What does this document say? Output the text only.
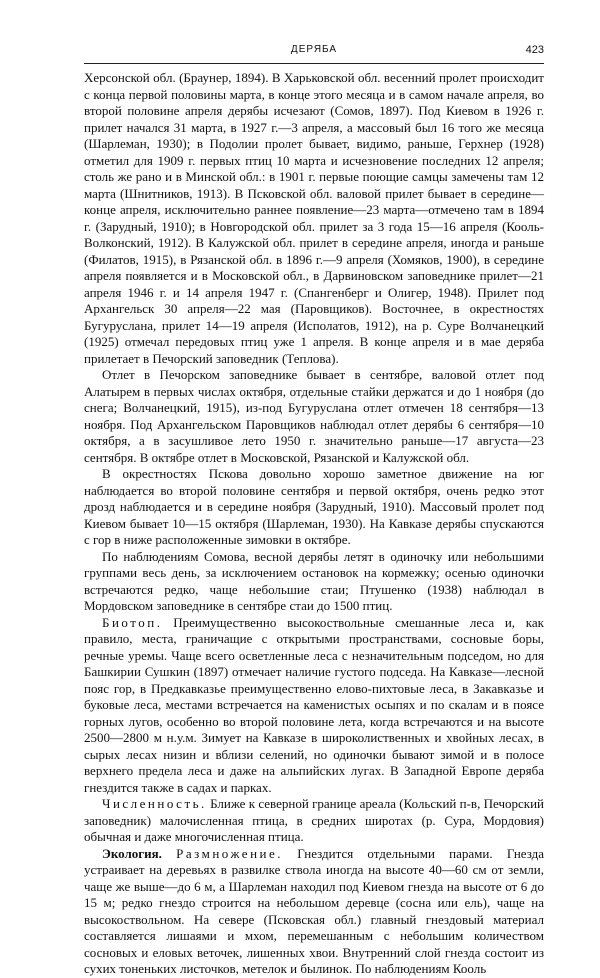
ДЕРЯБА	423

Херсонской обл. (Браунер, 1894). В Харьковской обл. весенний пролет происходит с конца первой половины марта, в конце этого месяца и в самом начале апреля, во второй половине апреля дерябы исчезают (Сомов, 1897). Под Киевом в 1926 г. прилет начался 31 марта, в 1927 г.—3 апреля, а массовый был 16 того же месяца (Шарлеман, 1930); в Подолии пролет бывает, видимо, раньше, Герхнер (1928) отметил для 1909 г. первых птиц 10 марта и исчезновение последних 12 апреля; столь же рано и в Минской обл.: в 1901 г. первые поющие самцы замечены там 12 марта (Шнитников, 1913). В Псковской обл. валовой прилет бывает в середине—конце апреля, исключительно раннее появление—23 марта—отмечено там в 1894 г. (Зарудный, 1910); в Новгородской обл. прилет за 3 года 15—16 апреля (Кооль-Волконский, 1912). В Калужской обл. прилет в середине апреля, иногда и раньше (Филатов, 1915), в Рязанской обл. в 1896 г.—9 апреля (Хомяков, 1900), в середине апреля появляется и в Московской обл., в Дарвиновском заповеднике прилет—21 апреля 1946 г. и 14 апреля 1947 г. (Спангенберг и Олигер, 1948). Прилет под Архангельск 30 апреля—22 мая (Паровщиков). Восточнее, в окрестностях Бугуруслана, прилет 14—19 апреля (Исполатов, 1912), на р. Суре Волчанецкий (1925) отмечал передовых птиц уже 1 апреля. В конце апреля и в мае деряба прилетает в Печорский заповедник (Теплова).

Отлет в Печорском заповеднике бывает в сентябре, валовой отлет под Алатырем в первых числах октября, отдельные стайки держатся и до 1 ноября (до снега; Волчанецкий, 1915), из-под Бугуруслана отлет отмечен 18 сентября—13 ноября. Под Архангельском Паровщиков наблюдал отлет дерябы 6 сентября—10 октября, а в засушливое лето 1950 г. значительно раньше—17 августа—23 сентября. В октябре отлет в Московской, Рязанской и Калужской обл.

В окрестностях Пскова довольно хорошо заметное движение на юг наблюдается во второй половине сентября и первой октября, очень редко этот дрозд наблюдается и в середине ноября (Зарудный, 1910). Массовый пролет под Киевом бывает 10—15 октября (Шарлеман, 1930). На Кавказе дерябы спускаются с гор в ниже расположенные зимовки в октябре.

По наблюдениям Сомова, весной дерябы летят в одиночку или небольшими группами весь день, за исключением остановок на кормежку; осенью одиночки встречаются редко, чаще небольшие стаи; Птушенко (1938) наблюдал в Мордовском заповеднике в сентябре стаи до 1500 птиц.

Биотоп. Преимущественно высокоствольные смешанные леса и, как правило, места, граничащие с открытыми пространствами, сосновые боры, речные уремы. Чаще всего осветленные леса с незначительным подседом, но для Башкирии Сушкин (1897) отмечает наличие густого подседа. На Кавказе—лесной пояс гор, в Предкавказье преимущественно елово-пихтовые леса, в Закавказье и буковые леса, местами встречается на каменистых осыпях и по скалам и в поясе горных лугов, особенно во второй половине лета, когда встречаются и на высоте 2500—2800 м н.у.м. Зимует на Кавказе в широколиственных и хвойных лесах, в сырых лесах низин и вблизи селений, но одиночки бывают зимой и в полосе верхнего предела леса и даже на альпийских лугах. В Западной Европе деряба гнездится также в садах и парках.

Численность. Ближе к северной границе ареала (Кольский п-в, Печорский заповедник) малочисленная птица, в средних широтах (р. Сура, Мордовия) обычная и даже многочисленная птица.

Экология. Размножение. Гнездится отдельными парами. Гнезда устраивает на деревьях в развилке ствола иногда на высоте 40—60 см от земли, чаще же выше—до 6 м, а Шарлеман находил под Киевом гнезда на высоте от 6 до 15 м; редко гнездо строится на небольшом деревце (сосна или ель), чаще на высокоствольном. На севере (Псковская обл.) главный гнездовый материал составляется лишаями и мхом, перемешанным с небольшим количеством сосновых и еловых веточек, лишенных хвои. Внутренний слой гнезда состоит из сухих тоненьких листочков, метелок и былинок. По наблюдениям Кооль
